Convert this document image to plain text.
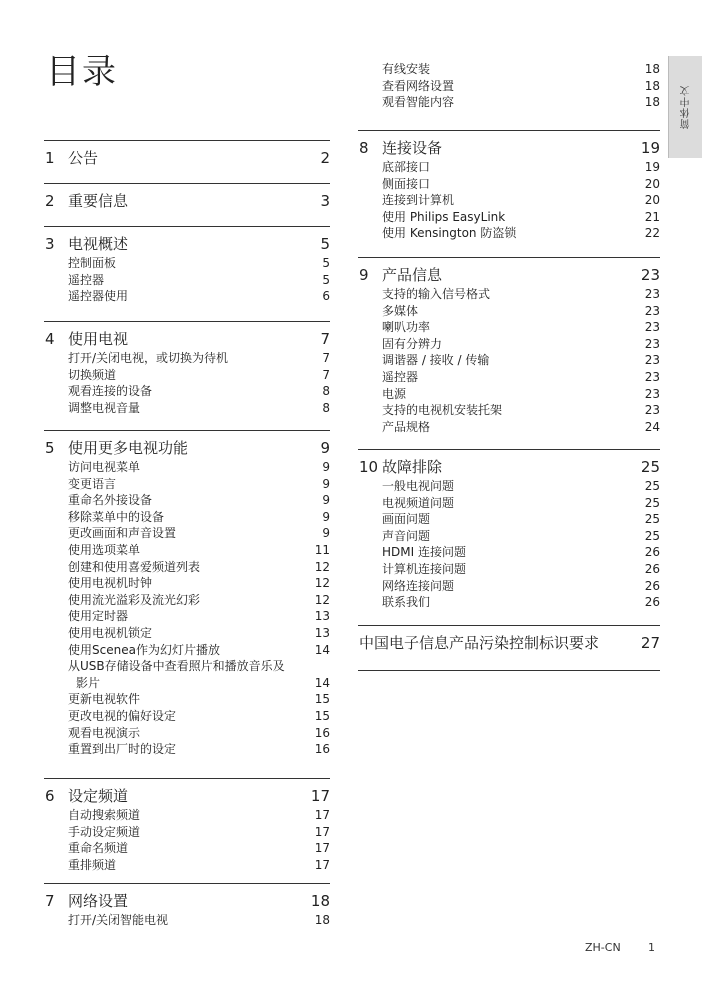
目录
简体中文
1 公告	2
2 重要信息	3
3 电视概述	5
控制面板	5
遥控器	5
遥控器使用	6
4 使用电视	7
打开/关闭电视，或切换为待机	7
切换频道	7
观看连接的设备	8
调整电视音量	8
5 使用更多电视功能	9
访问电视菜单	9
变更语言	9
重命名外接设备	9
移除菜单中的设备	9
更改画面和声音设置	9
使用选项菜单	11
创建和使用喜爱频道列表	12
使用电视机时钟	12
使用流光溢彩及流光幻彩	12
使用定时器	13
使用电视机锁定	13
使用Scenea作为幻灯片播放	14
从USB存储设备中查看照片和播放音乐及
影片	14
更新电视软件	15
更改电视的偏好设定	15
观看电视演示	16
重置到出厂时的设定	16
6 设定频道	17
自动搜索频道	17
手动设定频道	17
重命名频道	17
重排频道	17
7 网络设置	18
打开/关闭智能电视	18
有线安装	18
查看网络设置	18
观看智能内容	18
8 连接设备	19
底部接口	19
侧面接口	20
连接到计算机	20
使用 Philips EasyLink	21
使用 Kensington 防盗锁	22
9 产品信息	23
支持的输入信号格式	23
多媒体	23
喇叭功率	23
固有分辨力	23
调谐器 / 接收 / 传输	23
遥控器	23
电源	23
支持的电视机安装托架	23
产品规格	24
10 故障排除	25
一般电视问题	25
电视频道问题	25
画面问题	25
声音问题	25
HDMI 连接问题	26
计算机连接问题	26
网络连接问题	26
联系我们	26
中国电子信息产品污染控制标识要求	27
ZH-CN 1
